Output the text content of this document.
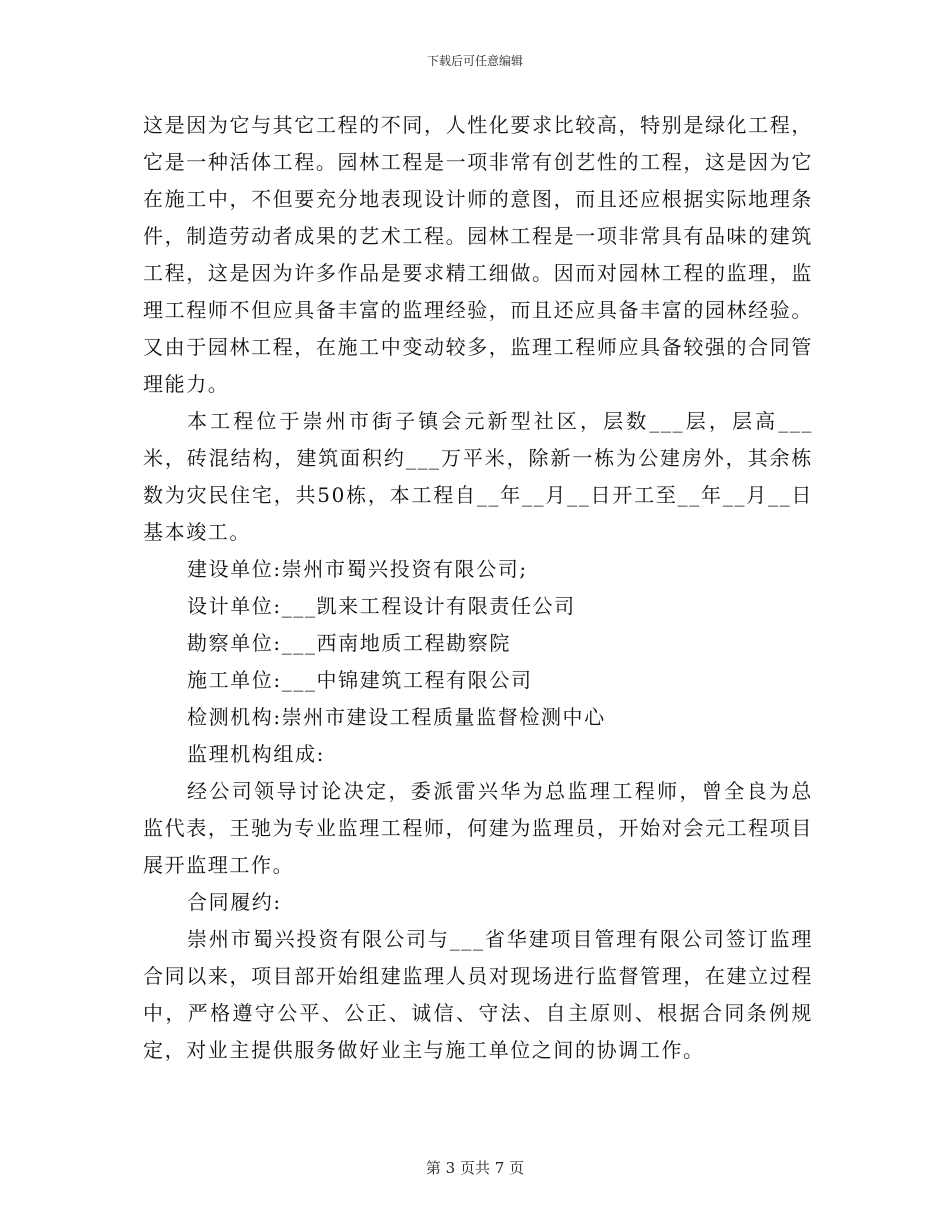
下载后可任意编辑

这是因为它与其它工程的不同，人性化要求比较高，特别是绿化工程，它是一种活体工程。园林工程是一项非常有创艺性的工程，这是因为它在施工中，不但要充分地表现设计师的意图，而且还应根据实际地理条件，制造劳动者成果的艺术工程。园林工程是一项非常具有品味的建筑工程，这是因为许多作品是要求精工细做。因而对园林工程的监理，监理工程师不但应具备丰富的监理经验，而且还应具备丰富的园林经验。又由于园林工程，在施工中变动较多，监理工程师应具备较强的合同管理能力。

本工程位于崇州市街子镇会元新型社区，层数___层，层高___米，砖混结构，建筑面积约___万平米，除新一栋为公建房外，其余栋数为灾民住宅，共50栋，本工程自__年__月__日开工至__年__月__日基本竣工。

建设单位:崇州市蜀兴投资有限公司;

设计单位:___凯来工程设计有限责任公司

勘察单位:___西南地质工程勘察院

施工单位:___中锦建筑工程有限公司

检测机构:崇州市建设工程质量监督检测中心

监理机构组成:

经公司领导讨论决定，委派雷兴华为总监理工程师，曾全良为总监代表，王驰为专业监理工程师，何建为监理员，开始对会元工程项目展开监理工作。

合同履约:

崇州市蜀兴投资有限公司与___省华建项目管理有限公司签订监理合同以来，项目部开始组建监理人员对现场进行监督管理，在建立过程中，严格遵守公平、公正、诚信、守法、自主原则、根据合同条例规定，对业主提供服务做好业主与施工单位之间的协调工作。

第 3 页共 7 页
